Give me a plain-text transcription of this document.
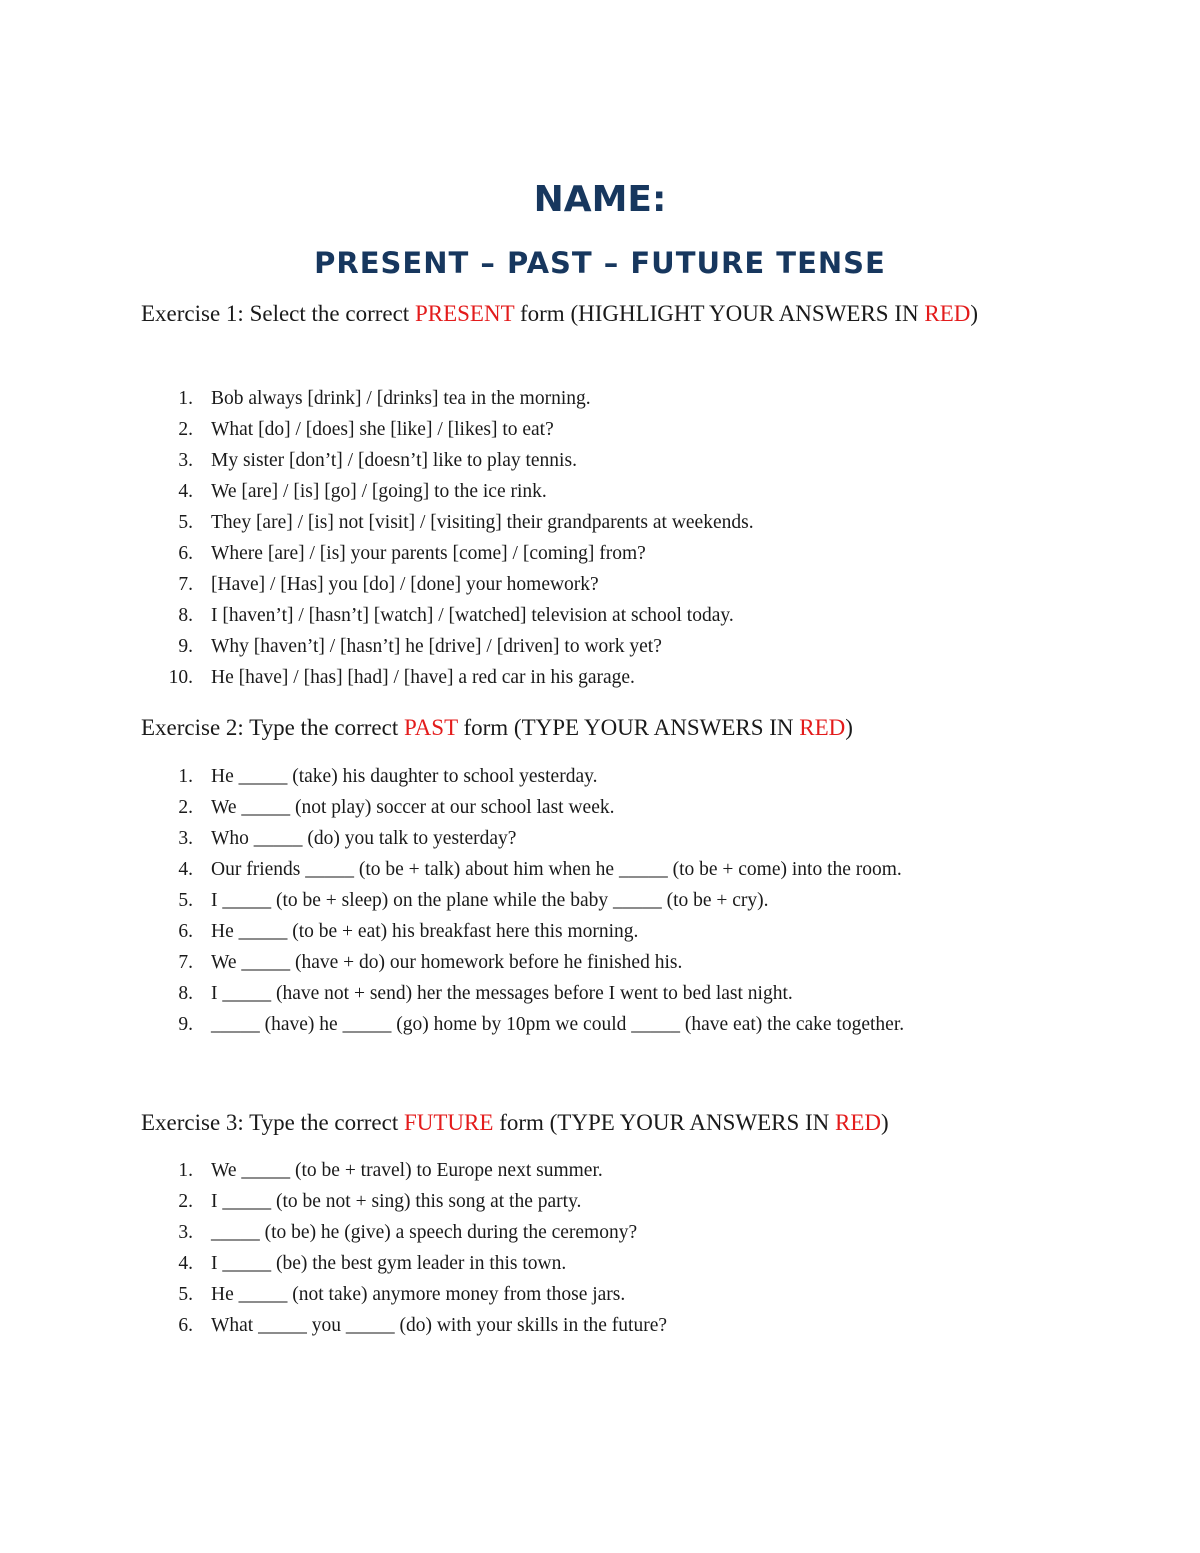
NAME:
PRESENT – PAST – FUTURE TENSE

Exercise 1: Select the correct PRESENT form (HIGHLIGHT YOUR ANSWERS IN RED)

1. Bob always [drink] / [drinks] tea in the morning.
2. What [do] / [does] she [like] / [likes] to eat?
3. My sister [don’t] / [doesn’t] like to play tennis.
4. We [are] / [is] [go] / [going] to the ice rink.
5. They [are] / [is] not [visit] / [visiting] their grandparents at weekends.
6. Where [are] / [is] your parents [come] / [coming] from?
7. [Have] / [Has] you [do] / [done] your homework?
8. I [haven’t] / [hasn’t] [watch] / [watched] television at school today.
9. Why [haven’t] / [hasn’t] he [drive] / [driven] to work yet?
10. He [have] / [has] [had] / [have] a red car in his garage.

Exercise 2: Type the correct PAST form (TYPE YOUR ANSWERS IN RED)

1. He _____ (take) his daughter to school yesterday.
2. We _____ (not play) soccer at our school last week.
3. Who _____ (do) you talk to yesterday?
4. Our friends _____ (to be + talk) about him when he _____ (to be + come) into the room.
5. I _____ (to be + sleep) on the plane while the baby _____ (to be + cry).
6. He _____ (to be + eat) his breakfast here this morning.
7. We _____ (have + do) our homework before he finished his.
8. I _____ (have not + send) her the messages before I went to bed last night.
9. _____ (have) he _____ (go) home by 10pm we could _____ (have eat) the cake together.

Exercise 3: Type the correct FUTURE form (TYPE YOUR ANSWERS IN RED)

1. We _____ (to be + travel) to Europe next summer.
2. I _____ (to be not + sing) this song at the party.
3. _____ (to be) he (give) a speech during the ceremony?
4. I _____ (be) the best gym leader in this town.
5. He _____ (not take) anymore money from those jars.
6. What _____ you _____ (do) with your skills in the future?
